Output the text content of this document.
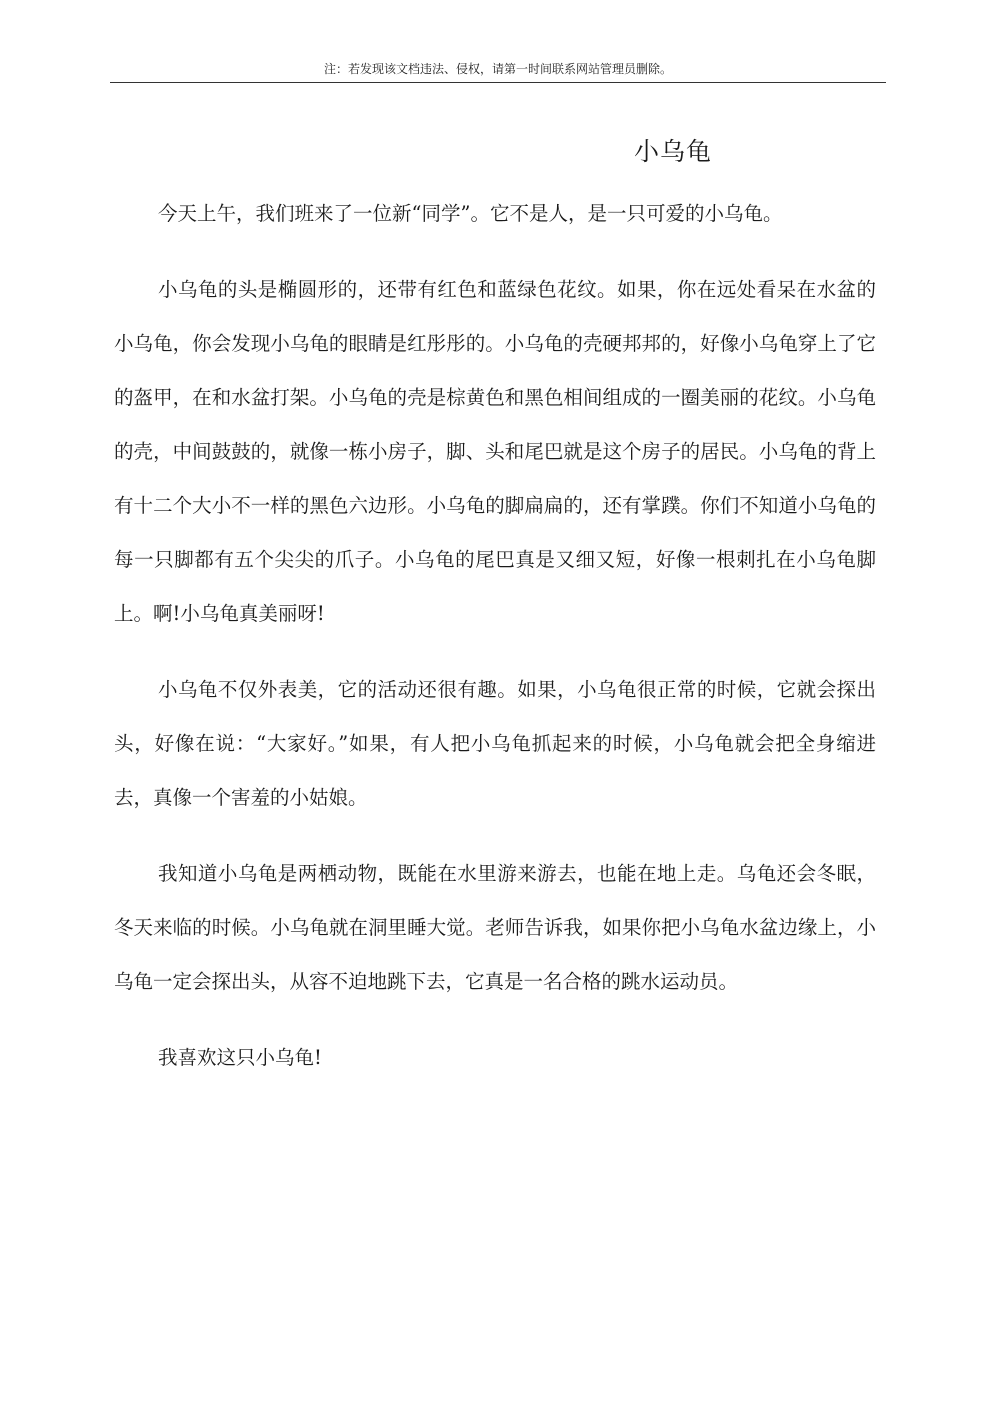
注：若发现该文档违法、侵权，请第一时间联系网站管理员删除。
小乌龟

今天上午，我们班来了一位新“同学”。它不是人，是一只可爱的小乌龟。

小乌龟的头是椭圆形的，还带有红色和蓝绿色花纹。如果，你在远处看呆在水盆的小乌龟，你会发现小乌龟的眼睛是红彤彤的。小乌龟的壳硬邦邦的，好像小乌龟穿上了它的盔甲，在和水盆打架。小乌龟的壳是棕黄色和黑色相间组成的一圈美丽的花纹。小乌龟的壳，中间鼓鼓的，就像一栋小房子，脚、头和尾巴就是这个房子的居民。小乌龟的背上有十二个大小不一样的黑色六边形。小乌龟的脚扁扁的，还有掌蹼。你们不知道小乌龟的每一只脚都有五个尖尖的爪子。小乌龟的尾巴真是又细又短，好像一根刺扎在小乌龟脚上。啊!小乌龟真美丽呀!

小乌龟不仅外表美，它的活动还很有趣。如果，小乌龟很正常的时候，它就会探出头，好像在说：“大家好。”如果，有人把小乌龟抓起来的时候，小乌龟就会把全身缩进去，真像一个害羞的小姑娘。

我知道小乌龟是两栖动物，既能在水里游来游去，也能在地上走。乌龟还会冬眠，冬天来临的时候。小乌龟就在洞里睡大觉。老师告诉我，如果你把小乌龟水盆边缘上，小乌龟一定会探出头，从容不迫地跳下去，它真是一名合格的跳水运动员。

我喜欢这只小乌龟!
